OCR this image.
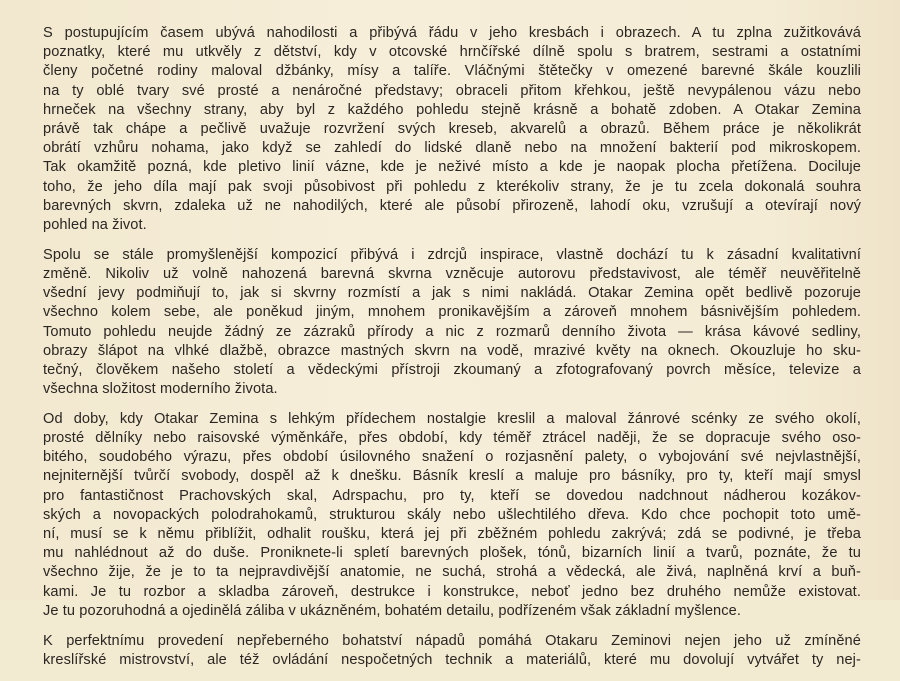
S postupujícím časem ubývá nahodilosti a přibývá řádu v jeho kresbách i obrazech. A tu zplna zužitkovává
poznatky, které mu utkvěly z dětství, kdy v otcovské hrnčířské dílně spolu s bratrem, sestrami a ostatními
členy početné rodiny maloval džbánky, mísy a talíře. Vláčnými štětečky v omezené barevné škále kouzlili
na ty oblé tvary své prosté a nenáročné představy; obraceli přitom křehkou, ještě nevypálenou vázu nebo
hrneček na všechny strany, aby byl z každého pohledu stejně krásně a bohatě zdoben. A Otakar Zemina
právě tak chápe a pečlivě uvažuje rozvržení svých kreseb, akvarelů a obrazů. Během práce je několikrát
obrátí vzhůru nohama, jako když se zahledí do lidské dlaně nebo na množení bakterií pod mikroskopem.
Tak okamžitě pozná, kde pletivo linií vázne, kde je neživé místo a kde je naopak plocha přetížena. Dociluje
toho, že jeho díla mají pak svoji působivost při pohledu z kterékoliv strany, že je tu zcela dokonalá souhra
barevných skvrn, zdaleka už ne nahodilých, které ale působí přirozeně, lahodí oku, vzrušují a otevírají nový
pohled na život.

Spolu se stále promyšlenější kompozicí přibývá i zdrcjů inspirace, vlastně dochází tu k zásadní kvalitativní
změně. Nikoliv už volně nahozená barevná skvrna vzněcuje autorovu představivost, ale téměř neuvěřitelně
všední jevy podmiňují to, jak si skvrny rozmístí a jak s nimi nakládá. Otakar Zemina opět bedlivě pozoruje
všechno kolem sebe, ale poněkud jiným, mnohem pronikavějším a zároveň mnohem básnivějším pohledem.
Tomuto pohledu neujde žádný ze zázraků přírody a nic z rozmarů denního života — krása kávové sedliny,
obrazy šlápot na vlhké dlažbě, obrazce mastných skvrn na vodě, mrazivé květy na oknech. Okouzluje ho sku-
tečný, člověkem našeho století a vědeckými přístroji zkoumaný a zfotografovaný povrch měsíce, televize a
všechna složitost moderního života.

Od doby, kdy Otakar Zemina s lehkým přídechem nostalgie kreslil a maloval žánrové scénky ze svého okolí,
prosté dělníky nebo raisovské výměnkáře, přes období, kdy téměř ztrácel naději, že se dopracuje svého oso-
bitého, soudobého výrazu, přes období úsilovného snažení o rozjasnění palety, o vybojování své nejvlastnější,
nejniternější tvůrčí svobody, dospěl až k dnešku. Básník kreslí a maluje pro básníky, pro ty, kteří mají smysl
pro fantastičnost Prachovských skal, Adrspachu, pro ty, kteří se dovedou nadchnout nádherou kozákov-
ských a novopackých polodrahokamů, strukturou skály nebo ušlechtilého dřeva. Kdo chce pochopit toto umě-
ní, musí se k němu přiblížit, odhalit roušku, která jej při zběžném pohledu zakrývá; zdá se podivné, je třeba
mu nahlédnout až do duše. Proniknete-li spletí barevných plošek, tónů, bizarních linií a tvarů, poznáte, že tu
všechno žije, že je to ta nejpravdivější anatomie, ne suchá, strohá a vědecká, ale živá, naplněná krví a buň-
kami. Je tu rozbor a skladba zároveň, destrukce i konstrukce, neboť jedno bez druhého nemůže existovat.
Je tu pozoruhodná a ojedinělá záliba v ukázněném, bohatém detailu, podřízeném však základní myšlence.

K perfektnímu provedení nepřeberného bohatství nápadů pomáhá Otakaru Zeminovi nejen jeho už zmíněné
kreslířské mistrovství, ale též ovládání nespočetných technik a materiálů, které mu dovolují vytvářet ty nej-
